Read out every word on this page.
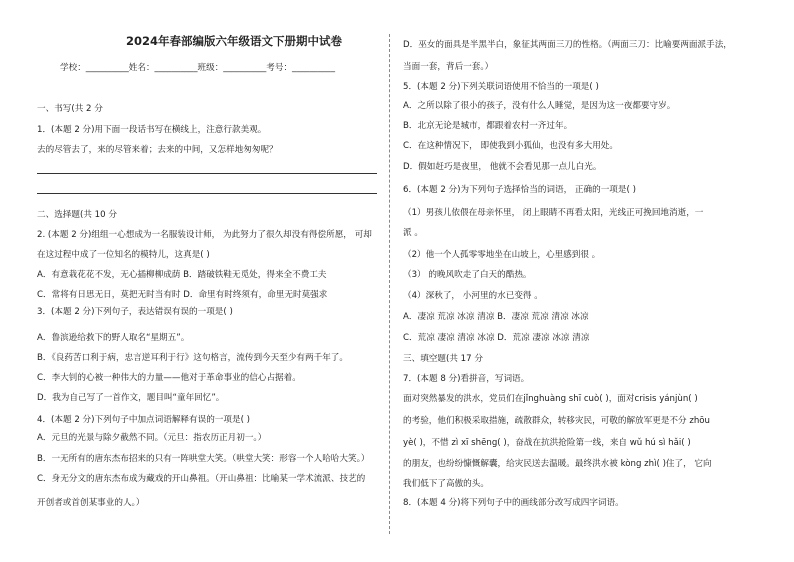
2024年春部编版六年级语文下册期中试卷
学校：__________姓名：__________班级：__________考号：__________
一、书写(共 2 分
1．(本题 2 分)用下面一段话书写在横线上，注意行款美观。
去的尽管去了，来的尽管来着；去来的中间，又怎样地匆匆呢？
二、选择题(共 10 分
2. (本题 2 分)组组一心想成为一名服装设计师， 为此努力了很久却没有得偿所愿， 可却
在这过程中成了一位知名的模特儿，这真是( )
A．有意栽花花不发，无心插柳柳成荫 B．踏破铁鞋无觅处，得来全不费工夫
C．常将有日思无日，莫把无时当有时 D．命里有时终须有，命里无时莫强求
3．(本题 2 分)下列句子，表达错误有误的一项是( )
A．鲁滨逊给救下的野人取名“星期五”。
B．《良药苦口利于病，忠言逆耳利于行》这句格言，流传到今天至少有两千年了。
C．李大钊的心被一种伟大的力量——他对于革命事业的信心占据着。
D．我为自己写了一首作文，题目叫“童年回忆”。
4．(本题 2 分)下列句子中加点词语解释有误的一项是( )
A．元旦的光景与除夕截然不同。（元旦：指农历正月初一。）
B．一无所有的唐东杰布招来的只有一阵哄堂大笑。（哄堂大笑：形容一个人哈哈大笑。）
C．身无分文的唐东杰布成为藏戏的开山鼻祖。（开山鼻祖：比喻某一学术流派、技艺的
开创者或首创某事业的人。）
D．巫女的面具是半黑半白，象征其两面三刀的性格。（两面三刀：比喻要两面派手法，
当面一套，背后一套。）
5．(本题 2 分)下列关联词语使用不恰当的一项是( )
A．之所以除了很小的孩子，没有什么人睡觉，是因为这一夜都要守岁。
B．北京无论是城市，都跟着农村一齐过年。
C．在这种情况下， 即使我到小狐仙，也没有多大用处。
D．假如赶巧是夜里， 他就不会看见那一点儿白光。
6．(本题 2 分)为下列句子选择恰当的词语， 正确的一项是( )
（1）男孩儿依偎在母亲怀里， 闭上眼睛不再看太阳，光线正可挽回地消逝，一
派 。
（2）他一个人孤零零地坐在山坡上，心里感到很 。
（3） 的晚风吹走了白天的酷热。
（4）深秋了， 小河里的水已变得 。
A．凄凉 荒凉 冰凉 清凉 B．凄凉 荒凉 清凉 冰凉
C．荒凉 凄凉 清凉 冰凉 D．荒凉 凄凉 冰凉 清凉
三、填空题(共 17 分
7．(本题 8 分)看拼音，写词语。
面对突然暴发的洪水，党员们在jǐnghuàng shī cuò( )，面对crisis yánjùn( )
的考验，他们积极采取措施，疏散群众，转移灾民，可敬的解放军更是不分 zhōu
yè( )，不惜 zì xī shēng( )，奋战在抗洪抢险第一线，来自 wǔ hú sì hǎi( )
的朋友，也纷纷慷慨解囊，给灾民送去温暖。最终洪水被 kòng zhì( )住了， 它向
我们低下了高傲的头。
8．(本题 4 分)将下列句子中的画线部分改写成四字词语。
